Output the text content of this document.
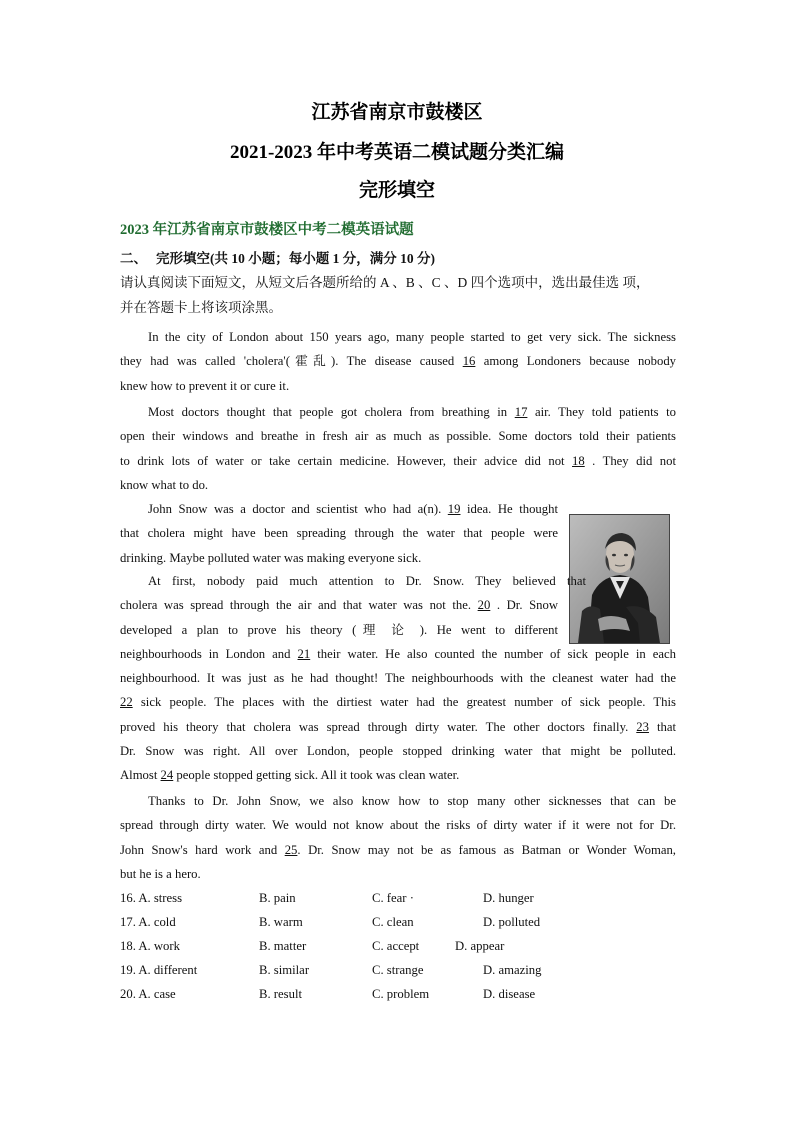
江苏省南京市鼓楼区
2021-2023 年中考英语二模试题分类汇编
完形填空
2023 年江苏省南京市鼓楼区中考二模英语试题
二、 完形填空(共 10 小题；每小题 1 分，满分 10 分)
请认真阅读下面短文，从短文后各题所给的 A 、B 、C 、D 四个选项中，选出最佳选 项，
并在答题卡上将该项涂黑。
In the city of London about 150 years ago, many people started to get very sick. The sickness
they had was called 'cholera'(霍乱). The disease caused 16 among Londoners because nobody
knew how to prevent it or cure it.
Most doctors thought that people got cholera from breathing in 17 air. They told patients to
open their windows and breathe in fresh air as much as possible. Some doctors told their patients
to drink lots of water or take certain medicine. However, their advice did not 18 . They did not
know what to do.
John Snow was a doctor and scientist who had a(n). 19 idea. He thought
that cholera might have been spreading through the water that people were
drinking. Maybe polluted water was making everyone sick.
At first, nobody paid much attention to Dr. Snow. They believed that
cholera was spread through the air and that water was not the. 20 . Dr. Snow
developed a plan to prove his theory (理 论 ). He went to different
neighbourhoods in London and 21 their water. He also counted the number of sick people in each
neighbourhood. It was just as he had thought! The neighbourhoods with the cleanest water had the
22 sick people. The places with the dirtiest water had the greatest number of sick people. This
proved his theory that cholera was spread through dirty water. The other doctors finally. 23 that
Dr. Snow was right. All over London, people stopped drinking water that might be polluted.
Almost 24 people stopped getting sick. All it took was clean water.
Thanks to Dr. John Snow, we also know how to stop many other sicknesses that can be
spread through dirty water. We would not know about the risks of dirty water if it were not for Dr.
John Snow's hard work and 25. Dr. Snow may not be as famous as Batman or Wonder Woman,
but he is a hero.
16. A. stress	B. pain	C. fear ·	D. hunger
17. A. cold	B. warm	C. clean	D. polluted
18. A. work	B. matter	C. accept	D. appear
19. A. different	B. similar	C. strange	D. amazing
20. A. case	B. result	C. problem	D. disease
